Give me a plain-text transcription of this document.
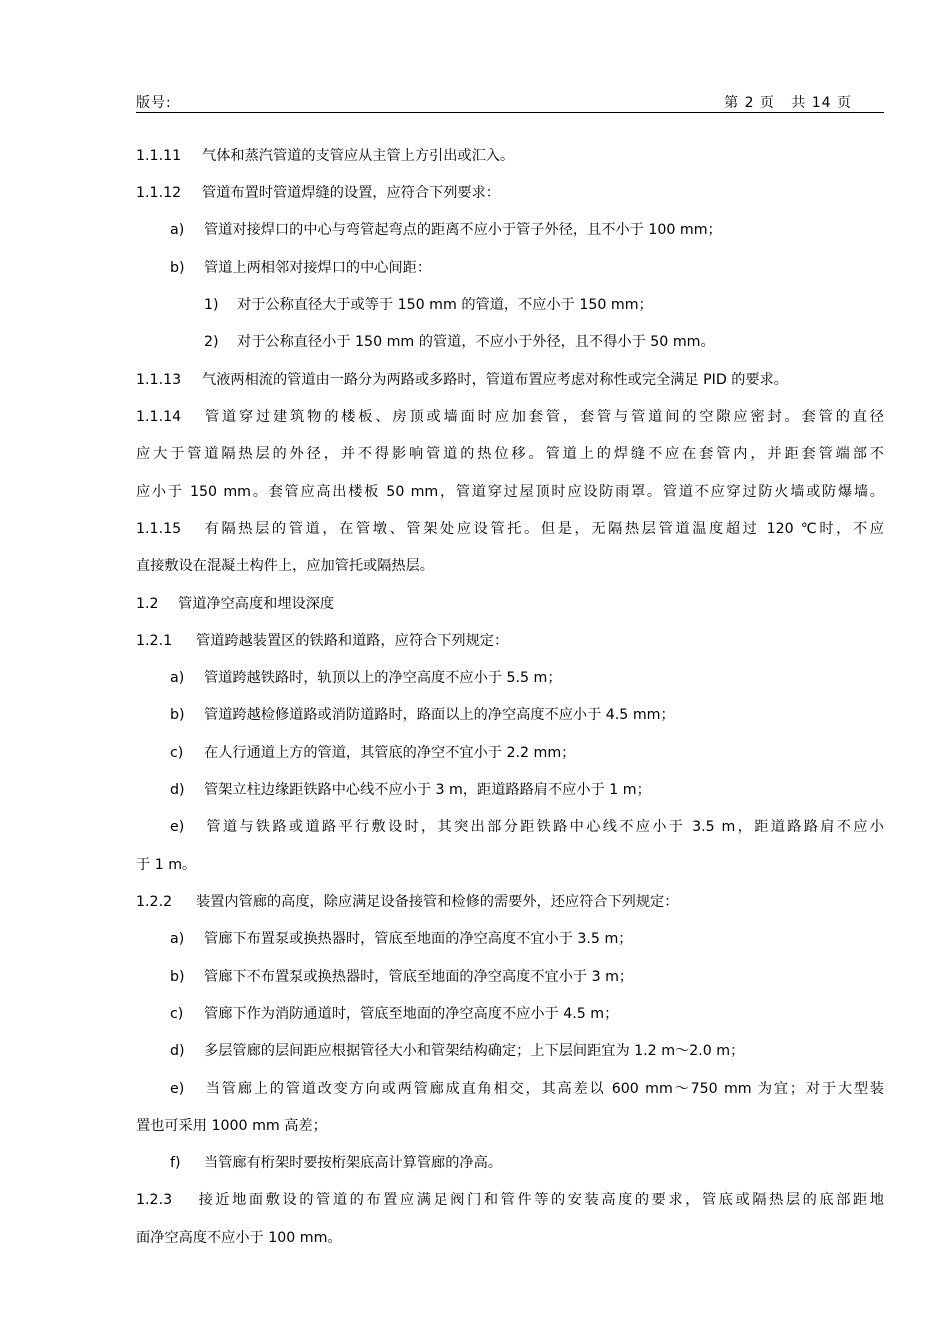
版号:	第 2 页   共 14 页
1.1.11 气体和蒸汽管道的支管应从主管上方引出或汇入。
1.1.12 管道布置时管道焊缝的设置，应符合下列要求：
a) 管道对接焊口的中心与弯管起弯点的距离不应小于管子外径，且不小于 100 mm；
b) 管道上两相邻对接焊口的中心间距：
1) 对于公称直径大于或等于 150 mm 的管道，不应小于 150 mm；
2) 对于公称直径小于 150 mm 的管道，不应小于外径，且不得小于 50 mm。
1.1.13 气液两相流的管道由一路分为两路或多路时，管道布置应考虑对称性或完全满足 PID 的要求。
1.1.14 管道穿过建筑物的楼板、房顶或墙面时应加套管，套管与管道间的空隙应密封。套管的直径
应大于管道隔热层的外径，并不得影响管道的热位移。管道上的焊缝不应在套管内，并距套管端部不
应小于 150 mm。套管应高出楼板 50 mm，管道穿过屋顶时应设防雨罩。管道不应穿过防火墙或防爆墙。
1.1.15 有隔热层的管道，在管墩、管架处应设管托。但是，无隔热层管道温度超过 120 ℃时，不应
直接敷设在混凝土构件上，应加管托或隔热层。
1.2 管道净空高度和埋设深度
1.2.1 管道跨越装置区的铁路和道路，应符合下列规定：
a) 管道跨越铁路时，轨顶以上的净空高度不应小于 5.5 m；
b) 管道跨越检修道路或消防道路时，路面以上的净空高度不应小于 4.5 mm；
c) 在人行通道上方的管道，其管底的净空不宜小于 2.2 mm；
d) 管架立柱边缘距铁路中心线不应小于 3 m，距道路路肩不应小于 1 m；
e) 管道与铁路或道路平行敷设时，其突出部分距铁路中心线不应小于 3.5 m，距道路路肩不应小
于 1 m。
1.2.2 装置内管廊的高度，除应满足设备接管和检修的需要外，还应符合下列规定：
a) 管廊下布置泵或换热器时，管底至地面的净空高度不宜小于 3.5 m；
b) 管廊下不布置泵或换热器时，管底至地面的净空高度不宜小于 3 m；
c) 管廊下作为消防通道时，管底至地面的净空高度不应小于 4.5 m；
d) 多层管廊的层间距应根据管径大小和管架结构确定；上下层间距宜为 1.2 m～2.0 m；
e) 当管廊上的管道改变方向或两管廊成直角相交，其高差以 600 mm～750 mm 为宜；对于大型装
置也可采用 1000 mm 高差；
f) 当管廊有桁架时要按桁架底高计算管廊的净高。
1.2.3 接近地面敷设的管道的布置应满足阀门和管件等的安装高度的要求，管底或隔热层的底部距地
面净空高度不应小于 100 mm。
